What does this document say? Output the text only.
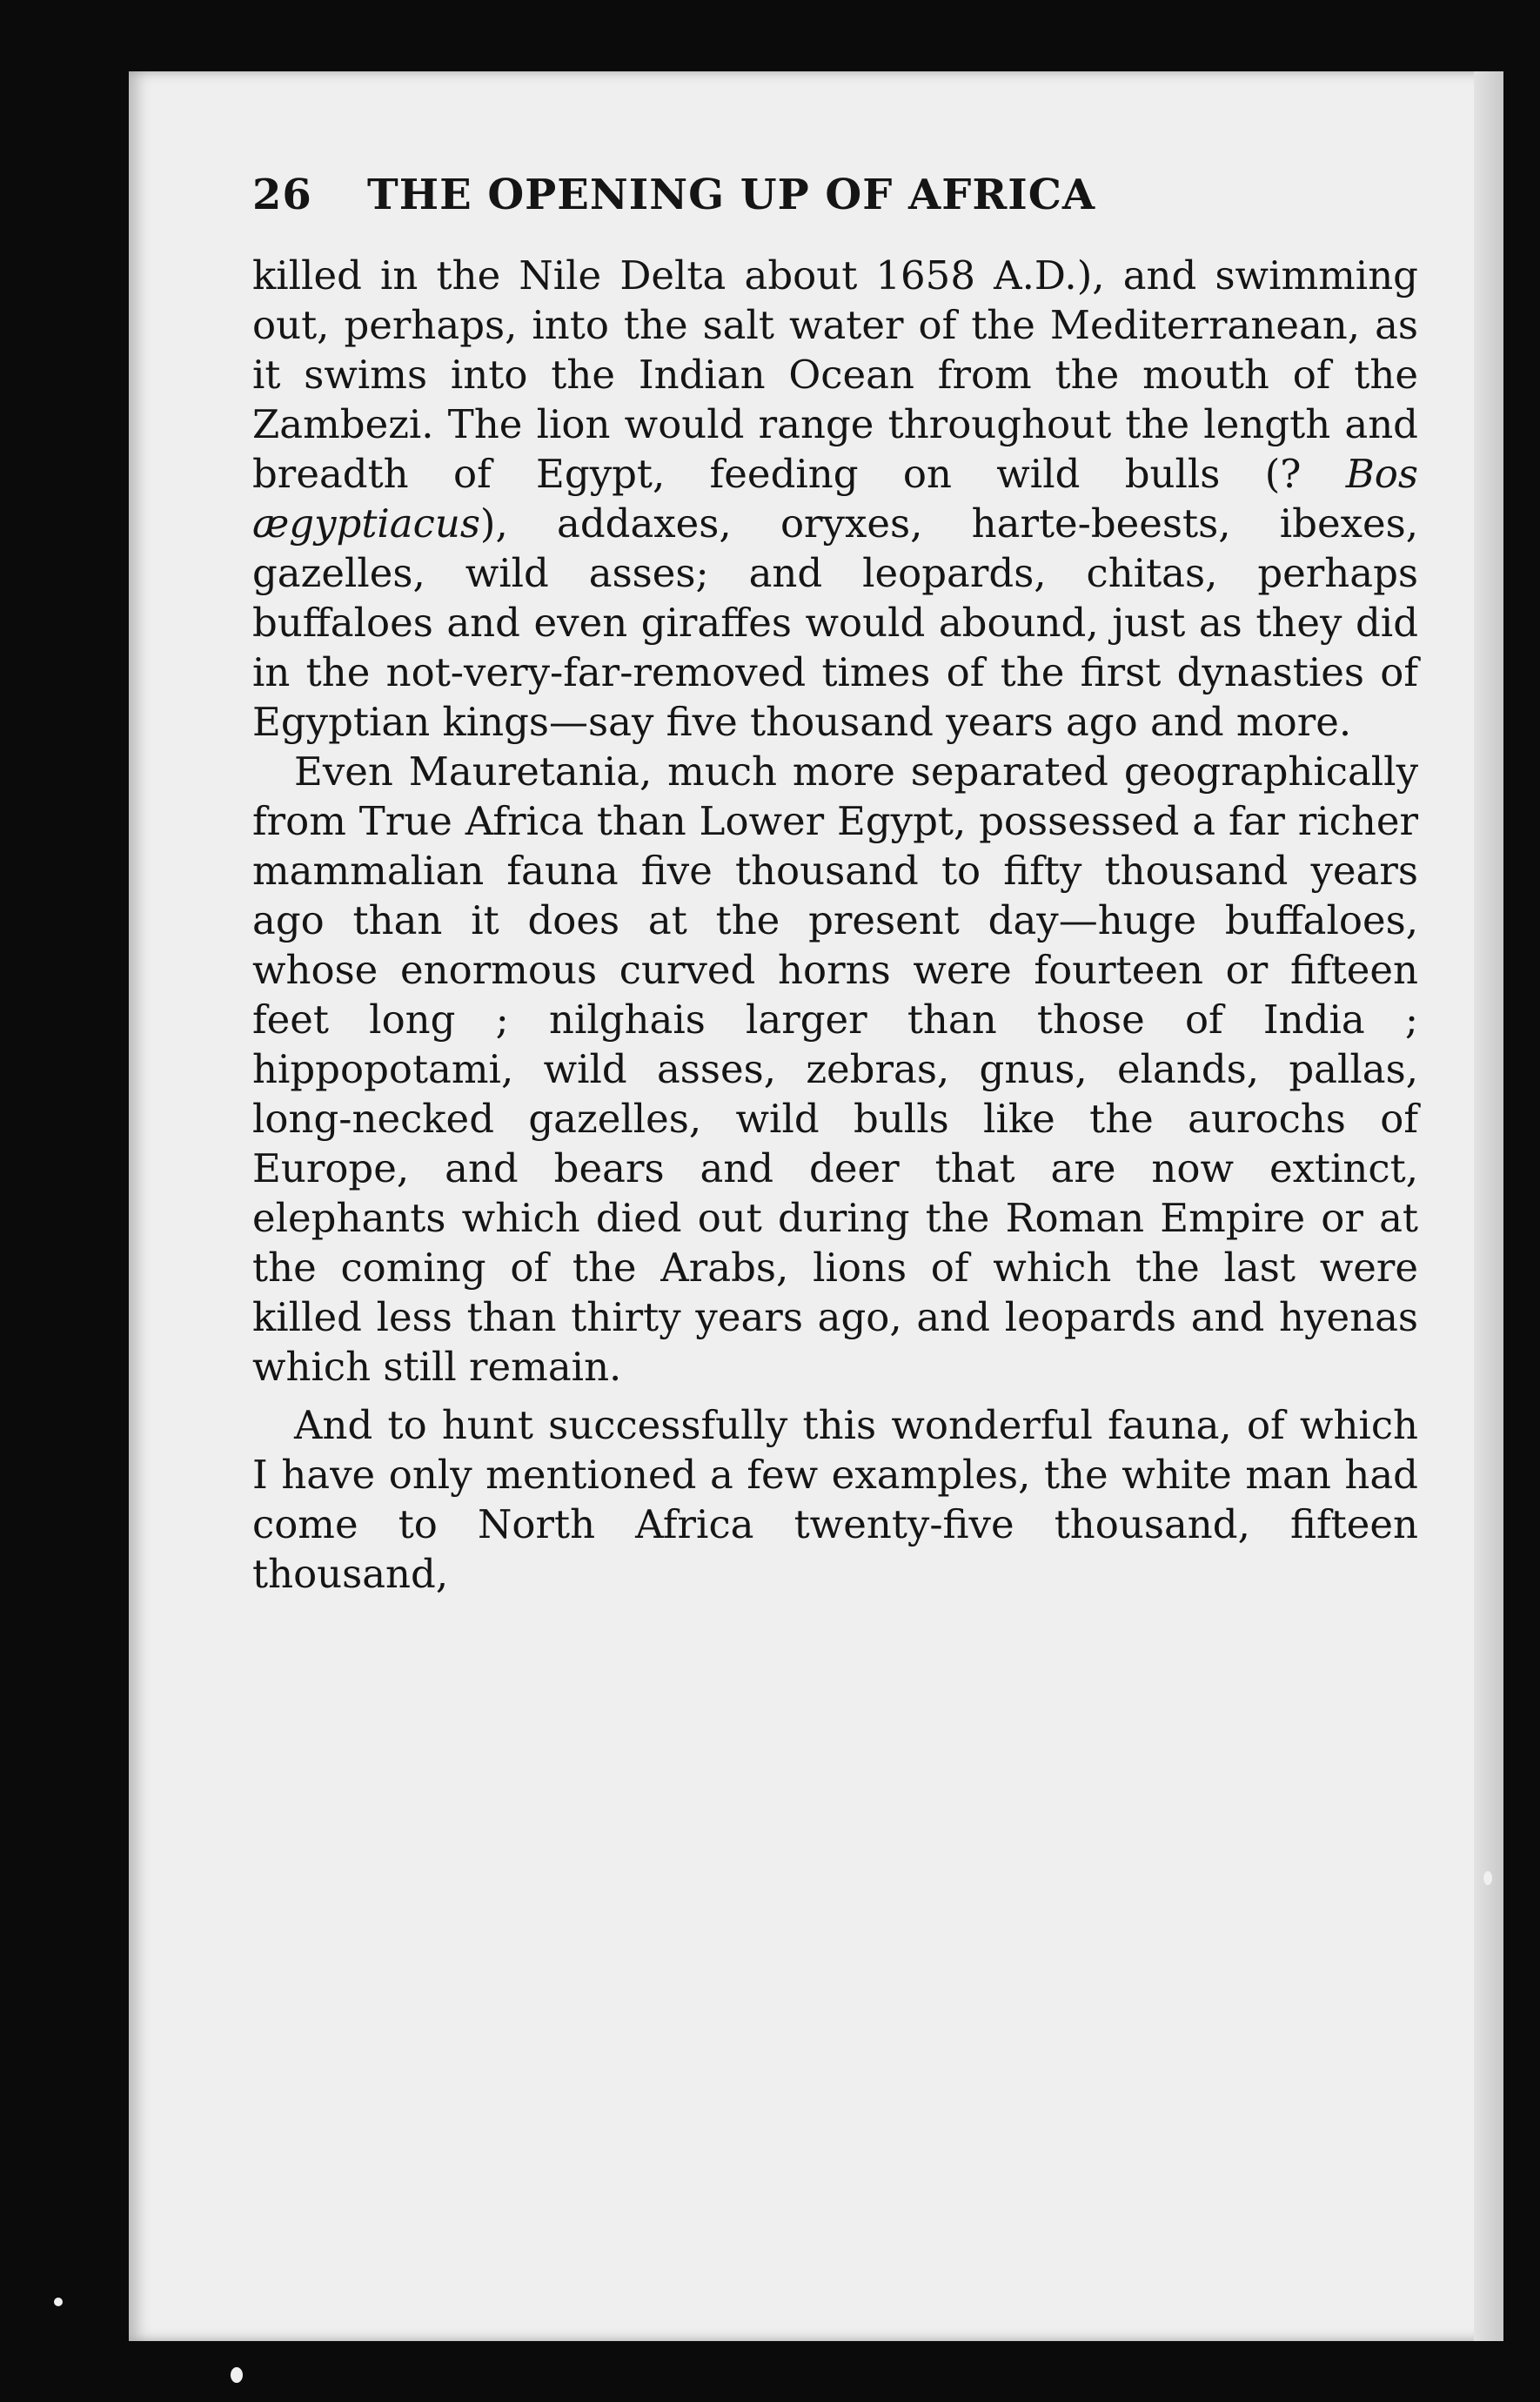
26	THE OPENING UP OF AFRICA

killed in the Nile Delta about 1658 A.D.), and swimming out, perhaps, into the salt water of the Mediterranean, as it swims into the Indian Ocean from the mouth of the Zambezi. The lion would range throughout the length and breadth of Egypt, feeding on wild bulls (? Bos ægyptiacus), addaxes, oryxes, harte-beests, ibexes, gazelles, wild asses; and leopards, chitas, perhaps buffaloes and even giraffes would abound, just as they did in the not-very-far-removed times of the first dynasties of Egyptian kings—say five thousand years ago and more.

Even Mauretania, much more separated geographically from True Africa than Lower Egypt, possessed a far richer mammalian fauna five thousand to fifty thousand years ago than it does at the present day—huge buffaloes, whose enormous curved horns were fourteen or fifteen feet long ; nilghais larger than those of India ; hippopotami, wild asses, zebras, gnus, elands, pallas, long-necked gazelles, wild bulls like the aurochs of Europe, and bears and deer that are now extinct, elephants which died out during the Roman Empire or at the coming of the Arabs, lions of which the last were killed less than thirty years ago, and leopards and hyenas which still remain.

And to hunt successfully this wonderful fauna, of which I have only mentioned a few examples, the white man had come to North Africa twenty-five thousand, fifteen thousand,
